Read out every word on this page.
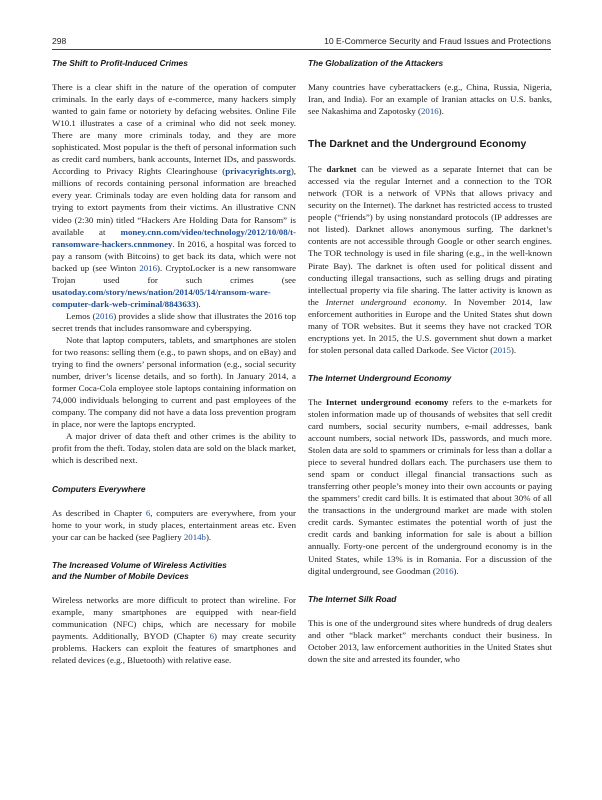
298	10 E-Commerce Security and Fraud Issues and Protections
The Shift to Profit-Induced Crimes

There is a clear shift in the nature of the operation of computer criminals. In the early days of e-commerce, many hackers simply wanted to gain fame or notoriety by defacing websites. Online File W10.1 illustrates a case of a criminal who did not seek money. There are many more criminals today, and they are more sophisticated. Most popular is the theft of personal information such as credit card numbers, bank accounts, Internet IDs, and passwords. According to Privacy Rights Clearinghouse (privacyrights.org), millions of records containing personal information are breached every year. Criminals today are even holding data for ransom and trying to extort payments from their victims. An illustrative CNN video (2:30 min) titled “Hackers Are Holding Data for Ransom” is available at money.cnn.com/video/technology/2012/10/08/t-ransomware-hackers.cnnmoney. In 2016, a hospital was forced to pay a ransom (with Bitcoins) to get back its data, which were not backed up (see Winton 2016). CryptoLocker is a new ransomware Trojan used for such crimes (see usatoday.com/story/news/nation/2014/05/14/ransom-ware-computer-dark-web-criminal/8843633).

Lemos (2016) provides a slide show that illustrates the 2016 top secret trends that includes ransomware and cyberspying.

Note that laptop computers, tablets, and smartphones are stolen for two reasons: selling them (e.g., to pawn shops, and on eBay) and trying to find the owners’ personal information (e.g., social security number, driver’s license details, and so forth). In January 2014, a former Coca-Cola employee stole laptops containing information on 74,000 individuals belonging to current and past employees of the company. The company did not have a data loss prevention program in place, nor were the laptops encrypted.

A major driver of data theft and other crimes is the ability to profit from the theft. Today, stolen data are sold on the black market, which is described next.

Computers Everywhere

As described in Chapter 6, computers are everywhere, from your home to your work, in study places, entertainment areas etc. Even your car can be hacked (see Pagliery 2014b).

The Increased Volume of Wireless Activities
and the Number of Mobile Devices

Wireless networks are more difficult to protect than wireline. For example, many smartphones are equipped with near-field communication (NFC) chips, which are necessary for mobile payments. Additionally, BYOD (Chapter 6) may create security problems. Hackers can exploit the features of smartphones and related devices (e.g., Bluetooth) with relative ease.

The Globalization of the Attackers

Many countries have cyberattackers (e.g., China, Russia, Nigeria, Iran, and India). For an example of Iranian attacks on U.S. banks, see Nakashima and Zapotosky (2016).

The Darknet and the Underground Economy

The darknet can be viewed as a separate Internet that can be accessed via the regular Internet and a connection to the TOR network (TOR is a network of VPNs that allows privacy and security on the Internet). The darknet has restricted access to trusted people (“friends”) by using nonstandard protocols (IP addresses are not listed). Darknet allows anonymous surfing. The darknet’s contents are not accessible through Google or other search engines. The TOR technology is used in file sharing (e.g., in the well-known Pirate Bay). The darknet is often used for political dissent and conducting illegal transactions, such as selling drugs and pirating intellectual property via file sharing. The latter activity is known as the Internet underground economy. In November 2014, law enforcement authorities in Europe and the United States shut down many of TOR websites. But it seems they have not cracked TOR encryptions yet. In 2015, the U.S. government shut down a market for stolen personal data called Darkode. See Victor (2015).

The Internet Underground Economy

The Internet underground economy refers to the e-markets for stolen information made up of thousands of websites that sell credit card numbers, social security numbers, e-mail addresses, bank account numbers, social network IDs, passwords, and much more. Stolen data are sold to spammers or criminals for less than a dollar a piece to several hundred dollars each. The purchasers use them to send spam or conduct illegal financial transactions such as transferring other people’s money into their own accounts or paying the spammers’ credit card bills. It is estimated that about 30% of all the transactions in the underground market are made with stolen credit cards. Symantec estimates the potential worth of just the credit cards and banking information for sale is about a billion annually. Forty-one percent of the underground economy is in the United States, while 13% is in Romania. For a discussion of the digital underground, see Goodman (2016).

The Internet Silk Road

This is one of the underground sites where hundreds of drug dealers and other “black market” merchants conduct their business. In October 2013, law enforcement authorities in the United States shut down the site and arrested its founder, who
